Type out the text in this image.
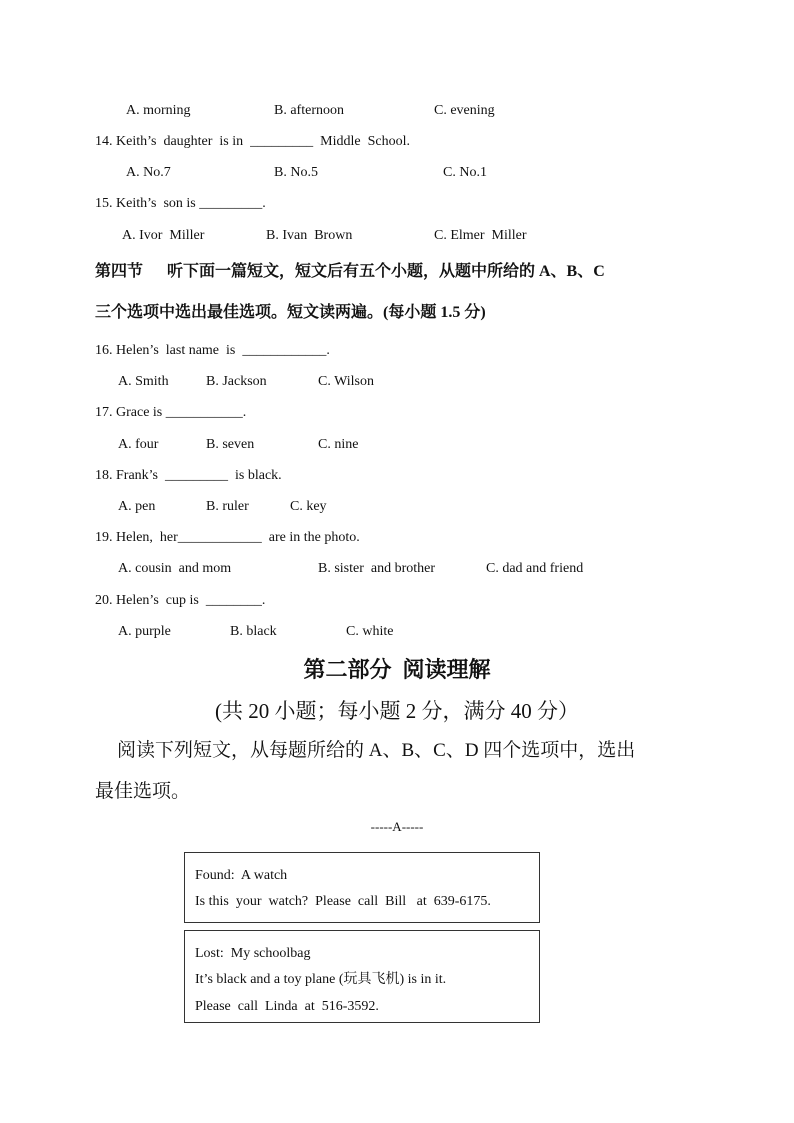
A. morning	B. afternoon	C. evening
14. Keith’s  daughter  is in  _________  Middle  School.
A. No.7	B. No.5	C. No.1
15. Keith’s  son is _________.
A. Ivor  Miller	B. Ivan  Brown	C. Elmer  Miller
第四节      听下面一篇短文，短文后有五个小题，从题中所给的 A、B、C
三个选项中选出最佳选项。短文读两遍。(每小题 1.5 分)
16. Helen’s  last name  is  ____________.
A. Smith	B. Jackson	C. Wilson
17. Grace is ___________.
A. four	B. seven	C. nine
18. Frank’s  _________  is black.
A. pen	B. ruler	C. key
19. Helen,  her____________  are in the photo.
A. cousin  and mom	B. sister  and brother	C. dad and friend
20. Helen’s  cup is  ________.
A. purple	B. black	C. white
第二部分  阅读理解
(共 20 小题；每小题 2 分，满分 40 分）
阅读下列短文，从每题所给的 A、B、C、D 四个选项中，选出
最佳选项。
-----A-----
Found:  A watch
Is this  your  watch?  Please  call  Bill   at  639-6175.
Lost:  My schoolbag
It’s black and a toy plane (玩具飞机) is in it.
Please  call  Linda  at  516-3592.
